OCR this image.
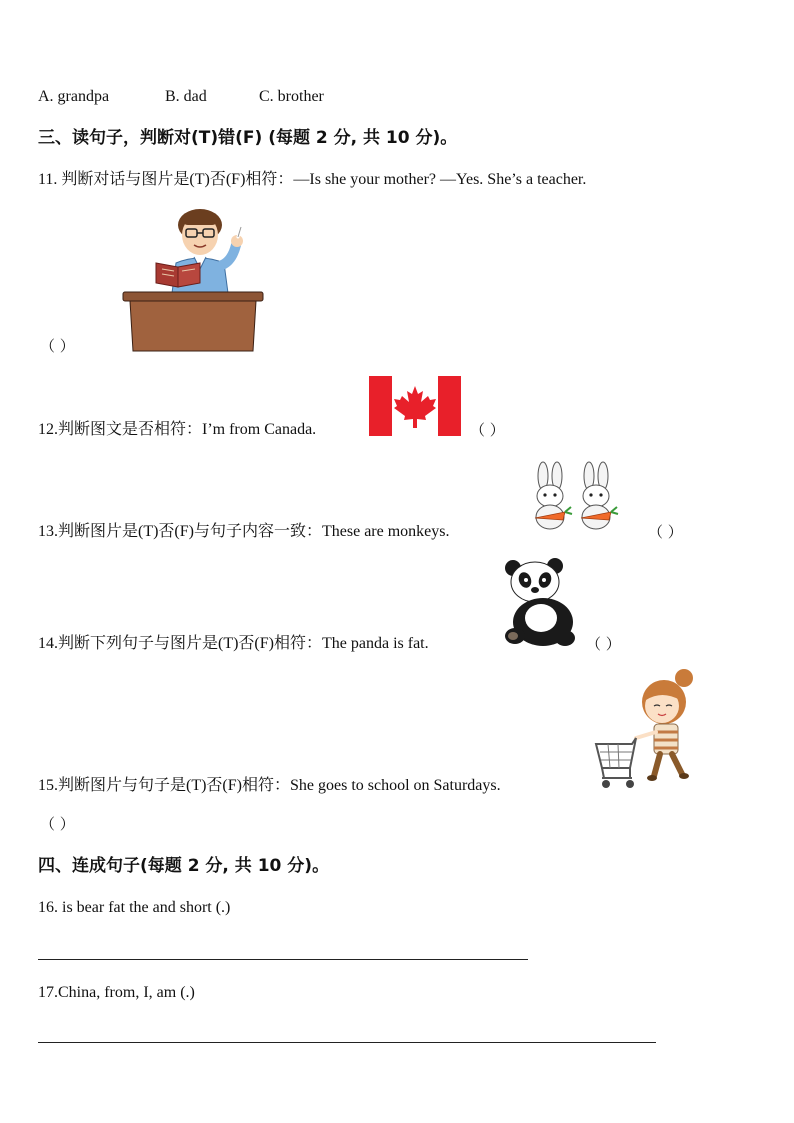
A. grandpa	B. dad	C. brother
三、读句子，判断对(T)错(F) (每题 2 分, 共 10 分)。
11. 判断对话与图片是(T)否(F)相符：—Is she your mother? —Yes. She’s a teacher.
（ ）
12.判断图文是否相符：I’m from Canada.	（ ）
13.判断图片是(T)否(F)与句子内容一致：These are monkeys.	（ ）
14.判断下列句子与图片是(T)否(F)相符：The panda is fat.	（ ）
15.判断图片与句子是(T)否(F)相符：She goes to school on Saturdays.
（ ）
四、连成句子(每题 2 分, 共 10 分)。
16. is bear fat the and short (.)
17.China, from, I, am (.)
